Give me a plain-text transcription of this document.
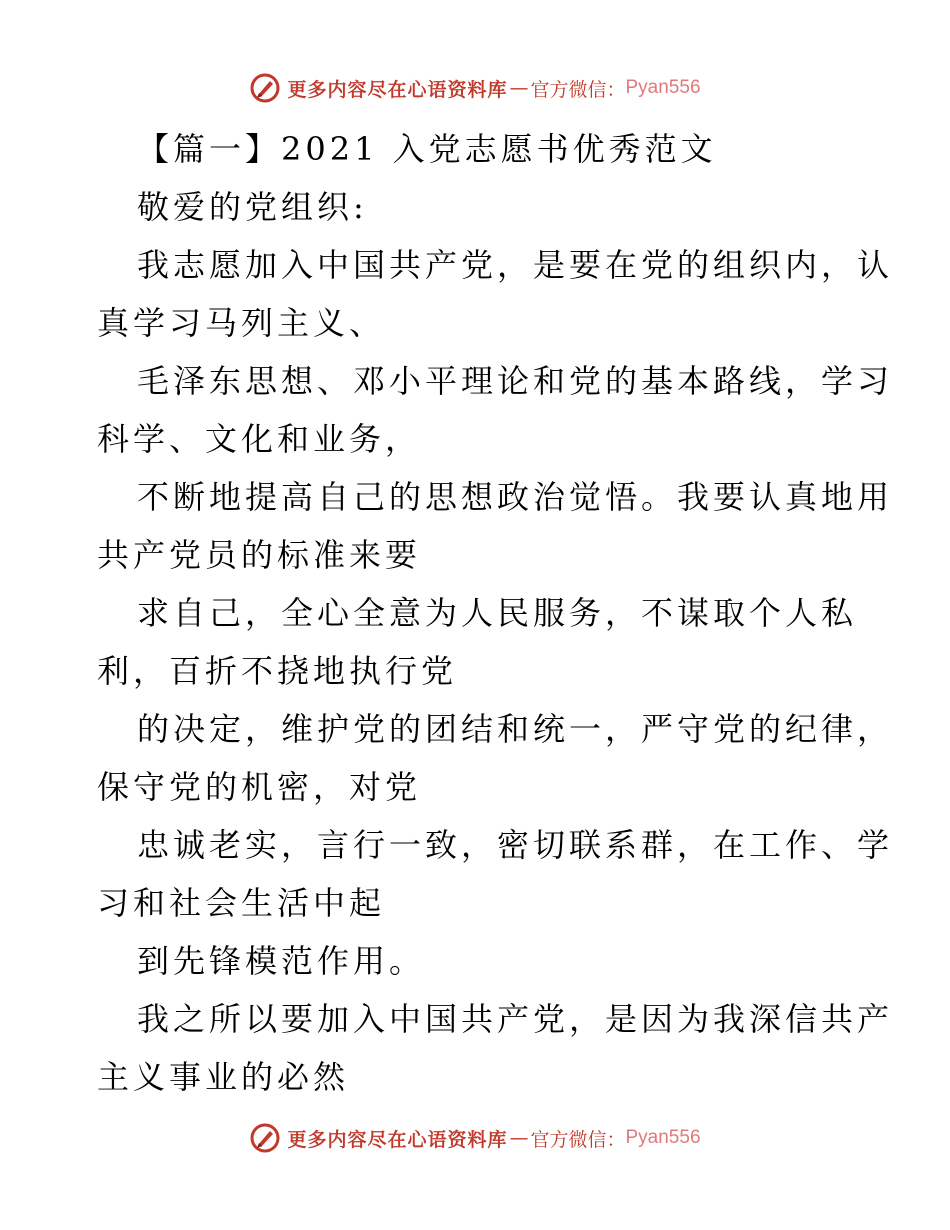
更多内容尽在心语资料库 — 官方微信： Pyan556
【篇一】2021 入党志愿书优秀范文
敬爱的党组织:
我志愿加入中国共产党，是要在党的组织内，认
真学习马列主义、
毛泽东思想、邓小平理论和党的基本路线，学习
科学、文化和业务，
不断地提高自己的思想政治觉悟。我要认真地用
共产党员的标准来要
求自己，全心全意为人民服务，不谋取个人私
利，百折不挠地执行党
的决定，维护党的团结和统一，严守党的纪律，
保守党的机密，对党
忠诚老实，言行一致，密切联系群，在工作、学
习和社会生活中起
到先锋模范作用。
我之所以要加入中国共产党，是因为我深信共产
主义事业的必然
更多内容尽在心语资料库 — 官方微信： Pyan556
